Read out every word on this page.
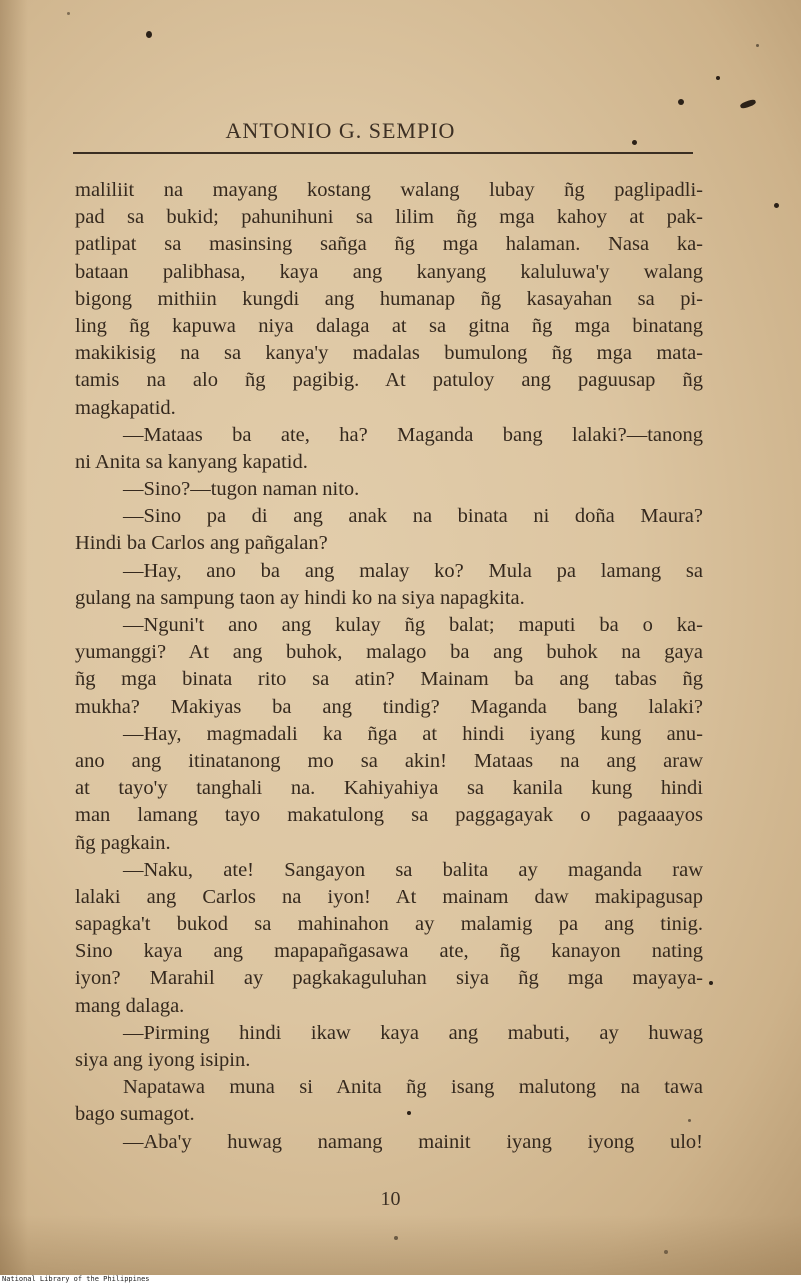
ANTONIO G. SEMPIO
maliliit na mayang kostang walang lubay ñg paglipadli-
pad sa bukid; pahunihuni sa lilim ñg mga kahoy at pak-
patlipat sa masinsing sañga ñg mga halaman. Nasa ka-
bataan palibhasa, kaya ang kanyang kaluluwa'y walang
bigong mithiin kungdi ang humanap ñg kasayahan sa pi-
ling ñg kapuwa niya dalaga at sa gitna ñg mga binatang
makikisig na sa kanya'y madalas bumulong ñg mga mata-
tamis na alo ñg pagibig. At patuloy ang paguusap ñg
magkapatid.
—Mataas ba ate, ha? Maganda bang lalaki?—tanong
ni Anita sa kanyang kapatid.
—Sino?—tugon naman nito.
—Sino pa di ang anak na binata ni doña Maura?
Hindi ba Carlos ang pañgalan?
—Hay, ano ba ang malay ko? Mula pa lamang sa
gulang na sampung taon ay hindi ko na siya napagkita.
—Nguni't ano ang kulay ñg balat; maputi ba o ka-
yumanggi? At ang buhok, malago ba ang buhok na gaya
ñg mga binata rito sa atin? Mainam ba ang tabas ñg
mukha? Makiyas ba ang tindig? Maganda bang lalaki?
—Hay, magmadali ka ñga at hindi iyang kung anu-
ano ang itinatanong mo sa akin! Mataas na ang araw
at tayo'y tanghali na. Kahiyahiya sa kanila kung hindi
man lamang tayo makatulong sa paggagayak o pagaaayos
ñg pagkain.
—Naku, ate! Sangayon sa balita ay maganda raw
lalaki ang Carlos na iyon! At mainam daw makipagusap
sapagka't bukod sa mahinahon ay malamig pa ang tinig.
Sino kaya ang mapapañgasawa ate, ñg kanayon nating
iyon? Marahil ay pagkakaguluhan siya ñg mga mayaya-
mang dalaga.
—Pirming hindi ikaw kaya ang mabuti, ay huwag
siya ang iyong isipin.
Napatawa muna si Anita ñg isang malutong na tawa
bago sumagot.
—Aba'y huwag namang mainit iyang iyong ulo!
10
National Library of the Philippines
